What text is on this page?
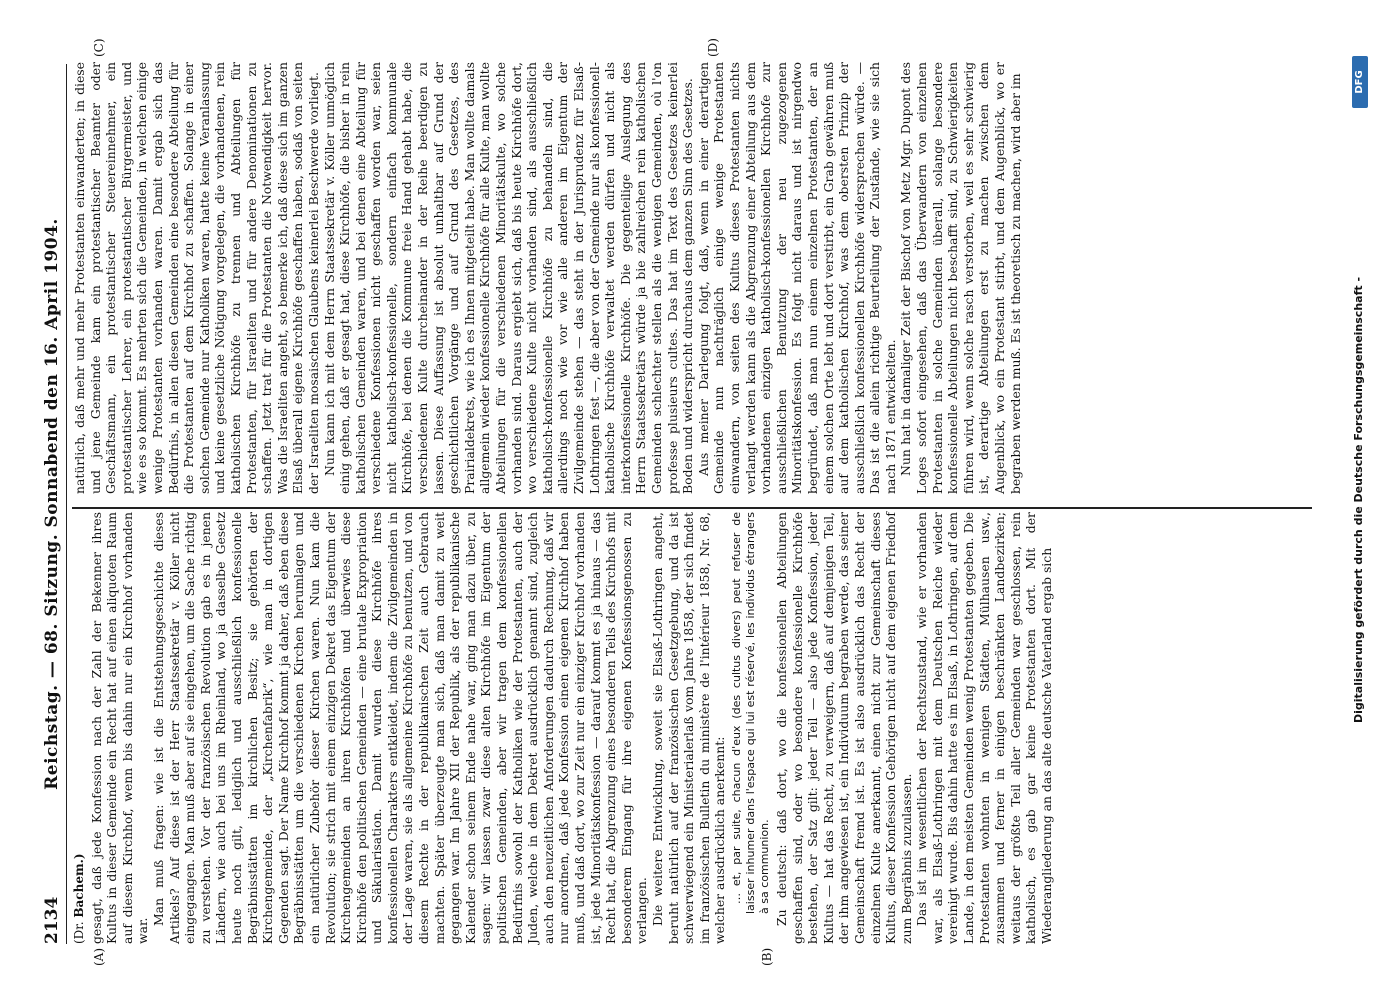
2134
Reichstag. — 68. Sitzung. Sonnabend den 16. April 1904.
(A)	(B)
(C)	(D)

(Dr. Bachem.) gesagt, daß jede Konfession nach der Zahl der Bekenner ihres Kultus in dieser Gemeinde ein Recht hat auf einen aliquoten Raum auf diesem Kirchhof, wenn bis dahin nur ein Kirchhof vorhanden war.

Man muß fragen: wie ist die Entstehungsgeschichte dieses Artikels? Auf diese ist der Herr Staatssekretär v. Köller nicht eingegangen. Man muß aber auf sie eingehen, um die Sache richtig zu verstehen. Vor der französischen Revolution gab es in jenen Ländern, wie auch bei uns im Rheinland, wo ja dasselbe Gesetz heute noch gilt, lediglich und ausschließlich konfessionelle Begräbnisstätten im kirchlichen Besitz; sie gehörten der Kirchengemeinde, der „Kirchenfabrik“, wie man in dortigen Gegenden sagt. Der Name Kirchhof kommt ja daher, daß eben diese Begräbnisstätten um die verschiedenen Kirchen herumlagen und ein natürlicher Zubehör dieser Kirchen waren. Nun kam die Revolution; sie strich mit einem einzigen Dekret das Eigentum der Kirchengemeinden an ihren Kirchhöfen und überwies diese Kirchhöfe den politischen Gemeinden — eine brutale Expropriation und Säkularisation. Damit wurden diese Kirchhöfe ihres konfessionellen Charakters entkleidet, indem die Zivilgemeinden in der Lage waren, sie als allgemeine Kirchhöfe zu benutzen, und von diesem Rechte in der republikanischen Zeit auch Gebrauch machten. Später überzeugte man sich, daß man damit zu weit gegangen war. Im Jahre XII der Republik, als der republikanische Kalender schon seinem Ende nahe war, ging man dazu über, zu sagen: wir lassen zwar diese alten Kirchhöfe im Eigentum der politischen Gemeinden, aber wir tragen dem konfessionellen Bedürfnis sowohl der Katholiken wie der Protestanten, auch der Juden, welche in dem Dekret ausdrücklich genannt sind, zugleich auch den neuzeitlichen Anforderungen dadurch Rechnung, daß wir nur anordnen, daß jede Konfession einen eigenen Kirchhof haben muß, und daß dort, wo zur Zeit nur ein einziger Kirchhof vorhanden ist, jede Minoritätskonfession — darauf kommt es ja hinaus — das Recht hat, die Abgrenzung eines besonderen Teils des Kirchhofs mit besonderem Eingang für ihre eigenen Konfessionsgenossen zu verlangen. Die weitere Entwicklung, soweit sie Elsaß-Lothringen angeht, beruht natürlich auf der französischen Gesetzgebung, und da ist schwerwiegend ein Ministerialerlaß vom Jahre 1858, der sich findet im französischen Bulletin du ministère de l'intérieur 1858, Nr. 68, welcher ausdrücklich anerkennt: … et, par suite, chacun d'eux (des cultus divers) peut refuser de laisser inhumer dans l'espace qui lui est réservé, les individus étrangers à sa communion. Zu deutsch: daß dort, wo die konfessionellen Abteilungen geschaffen sind, oder wo besondere konfessionelle Kirchhöfe bestehen, der Satz gilt: jeder Teil — also jede Konfession, jeder Kultus — hat das Recht, zu verweigern, daß auf demjenigen Teil, der ihm angewiesen ist, ein Individuum begraben werde, das seiner Gemeinschaft fremd ist. Es ist also ausdrücklich das Recht der einzelnen Kulte anerkannt, einen nicht zur Gemeinschaft dieses Kultus, dieser Konfession Gehörigen nicht auf dem eigenen Friedhof zum Begräbnis zuzulassen. Das ist im wesentlichen der Rechtszustand, wie er vorhanden war, als Elsaß-Lothringen mit dem Deutschen Reiche wieder vereinigt wurde. Bis dahin hatte es im Elsaß, in Lothringen, auf dem Lande, in den meisten Gemeinden wenig Protestanten gegeben. Die Protestanten wohnten in wenigen Städten, Mülhausen usw., zusammen und ferner in einigen beschränkten Landbezirken; weitaus der größte Teil aller Gemeinden war geschlossen, rein katholisch, es gab gar keine Protestanten dort. Mit der Wiederangliederung an das alte deutsche Vaterland ergab sich

natürlich, daß mehr und mehr Protestanten einwanderten; in diese und jene Gemeinde kam ein protestantischer Beamter oder Geschäftsmann, ein protestantischer Steuereinnehmer, ein protestantischer Lehrer, ein protestantischer Bürgermeister, und wie es so kommt. Es mehrten sich die Gemeinden, in welchen einige wenige Protestanten vorhanden waren. Damit ergab sich das Bedürfnis, in allen diesen Gemeinden eine besondere Abteilung für die Protestanten auf dem Kirchhof zu schaffen. Solange in einer solchen Gemeinde nur Katholiken waren, hatte keine Veranlassung und keine gesetzliche Nötigung vorgelegen, die vorhandenen, rein katholischen Kirchhöfe zu trennen und Abteilungen für Protestanten, für Israeliten und für andere Denominationen zu schaffen. Jetzt trat für die Protestanten die Notwendigkeit hervor. Was die Israeliten angeht, so bemerke ich, daß diese sich im ganzen Elsaß überall eigene Kirchhöfe geschaffen haben, sodaß von seiten der Israeliten mosaischen Glaubens keinerlei Beschwerde vorliegt. Nun kann ich mit dem Herrn Staatssekretär v. Köller unmöglich einig gehen, daß er gesagt hat, diese Kirchhöfe, die bisher in rein katholischen Gemeinden waren, und bei denen eine Abteilung für verschiedene Konfessionen nicht geschaffen worden war, seien nicht katholisch-konfessionelle, sondern einfach kommunale Kirchhöfe, bei denen die Kommune freie Hand gehabt habe, die verschiedenen Kulte durcheinander in der Reihe beerdigen zu lassen. Diese Auffassung ist absolut unhaltbar auf Grund der geschichtlichen Vorgänge und auf Grund des Gesetzes, des Prairialdekrets, wie ich es Ihnen mitgeteilt habe. Man wollte damals allgemein wieder konfessionelle Kirchhöfe für alle Kulte, man wollte Abteilungen für die verschiedenen Minoritätskulte, wo solche vorhanden sind. Daraus ergiebt sich, daß bis heute Kirchhöfe dort, wo verschiedene Kulte nicht vorhanden sind, als ausschließlich katholisch-konfessionelle Kirchhöfe zu behandeln sind, die allerdings noch wie vor wie alle anderen im Eigentum der Zivilgemeinde stehen — das steht in der Jurisprudenz für Elsaß-Lothringen fest —, die aber von der Gemeinde nur als konfessionell-katholische Kirchhöfe verwaltet werden dürfen und nicht als interkonfessionelle Kirchhöfe. Die gegenteilige Auslegung des Herrn Staatssekretärs würde ja bie zahlreichen rein katholischen Gemeinden schlechter stellen als die wenigen Gemeinden, où l'on professe plusieurs cultes. Das hat im Text des Gesetzes keinerlei Boden und widerspricht durchaus dem ganzen Sinn des Gesetzes. Aus meiner Darlegung folgt, daß, wenn in einer derartigen Gemeinde nun nachträglich einige wenige Protestanten einwandern, von seiten des Kultus dieses Protestanten nichts verlangt werden kann als die Abgrenzung einer Abteilung aus dem vorhandenen einzigen katholisch-konfessionellen Kirchhofe zur ausschließlichen Benutzung der neu zugezogenen Minoritätskonfession. Es folgt nicht daraus und ist nirgendwo begründet, daß man nun einem einzelnen Protestanten, der an einem solchen Orte lebt und dort verstirbt, ein Grab gewähren muß auf dem katholischen Kirchhof, was dem obersten Prinzip der ausschließlich konfessionellen Kirchhöfe widersprechen würde. — Das ist die allein richtige Beurteilung der Zustände, wie sie sich nach 1871 entwickelten. Nun hat in damaliger Zeit der Bischof von Metz Mgr. Dupont des Loges sofort eingesehen, daß das Überwandern von einzelnen Protestanten in solche Gemeinden überall, solange besondere konfessionelle Abteilungen nicht beschafft sind, zu Schwierigkeiten führen wird, wenn solche rasch verstorben, weil es sehr schwierig ist, derartige Abteilungen erst zu machen zwischen dem Augenblick, wo ein Protestant stirbt, und dem Augenblick, wo er begraben werden muß. Es ist theoretisch zu machen, wird aber im	Digitalisierung gefördert durch die Deutsche Forschungsgemeinschaft -
DFG
